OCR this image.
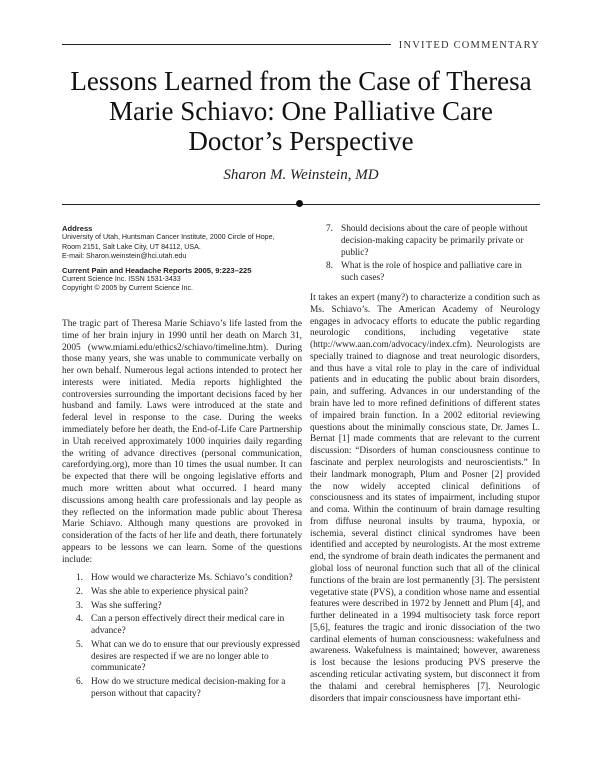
INVITED COMMENTARY
Lessons Learned from the Case of Theresa Marie Schiavo: One Palliative Care Doctor’s Perspective
Sharon M. Weinstein, MD
Address
University of Utah, Huntsman Cancer Institute, 2000 Circle of Hope,
Room 2151, Salt Lake City, UT 84112, USA.
E-mail: Sharon.weinstein@hci.utah.edu
Current Pain and Headache Reports 2005, 9:223–225
Current Science Inc. ISSN 1531-3433
Copyright © 2005 by Current Science Inc.

The tragic part of Theresa Marie Schiavo’s life lasted from the time of her brain injury in 1990 until her death on March 31, 2005 (www.miami.edu/ethics2/schiavo/timeline.htm). During those many years, she was unable to communicate verbally on her own behalf. Numerous legal actions intended to protect her interests were initiated. Media reports highlighted the controversies surrounding the important decisions faced by her husband and family. Laws were introduced at the state and federal level in response to the case. During the weeks immediately before her death, the End-of-Life Care Partnership in Utah received approximately 1000 inquiries daily regarding the writing of advance directives (personal communication, carefordying.org), more than 10 times the usual number. It can be expected that there will be ongoing legislative efforts and much more written about what occurred. I heard many discussions among health care professionals and lay people as they reflected on the information made public about Theresa Marie Schiavo. Although many questions are provoked in consideration of the facts of her life and death, there fortunately appears to be lessons we can learn. Some of the questions include:

1. How would we characterize Ms. Schiavo’s condition?
2. Was she able to experience physical pain?
3. Was she suffering?
4. Can a person effectively direct their medical care in advance?
5. What can we do to ensure that our previously expressed desires are respected if we are no longer able to communicate?
6. How do we structure medical decision-making for a person without that capacity?
7. Should decisions about the care of people without decision-making capacity be primarily private or public?
8. What is the role of hospice and palliative care in such cases?

It takes an expert (many?) to characterize a condition such as Ms. Schiavo’s. The American Academy of Neurology engages in advocacy efforts to educate the public regarding neurologic conditions, including vegetative state (http://www.aan.com/advocacy/index.cfm). Neurologists are specially trained to diagnose and treat neurologic disorders, and thus have a vital role to play in the care of individual patients and in educating the public about brain disorders, pain, and suffering. Advances in our understanding of the brain have led to more refined definitions of different states of impaired brain function. In a 2002 editorial reviewing questions about the minimally conscious state, Dr. James L. Bernat [1] made comments that are relevant to the current discussion: “Disorders of human consciousness continue to fascinate and perplex neurologists and neuroscientists.” In their landmark monograph, Plum and Posner [2] provided the now widely accepted clinical definitions of consciousness and its states of impairment, including stupor and coma. Within the continuum of brain damage resulting from diffuse neuronal insults by trauma, hypoxia, or ischemia, several distinct clinical syndromes have been identified and accepted by neurologists. At the most extreme end, the syndrome of brain death indicates the permanent and global loss of neuronal function such that all of the clinical functions of the brain are lost permanently [3]. The persistent vegetative state (PVS), a condition whose name and essential features were described in 1972 by Jennett and Plum [4], and further delineated in a 1994 multisociety task force report [5,6], features the tragic and ironic dissociation of the two cardinal elements of human consciousness: wakefulness and awareness. Wakefulness is maintained; however, awareness is lost because the lesions producing PVS preserve the ascending reticular activating system, but disconnect it from the thalami and cerebral hemispheres [7]. Neurologic disorders that impair consciousness have important ethi-
